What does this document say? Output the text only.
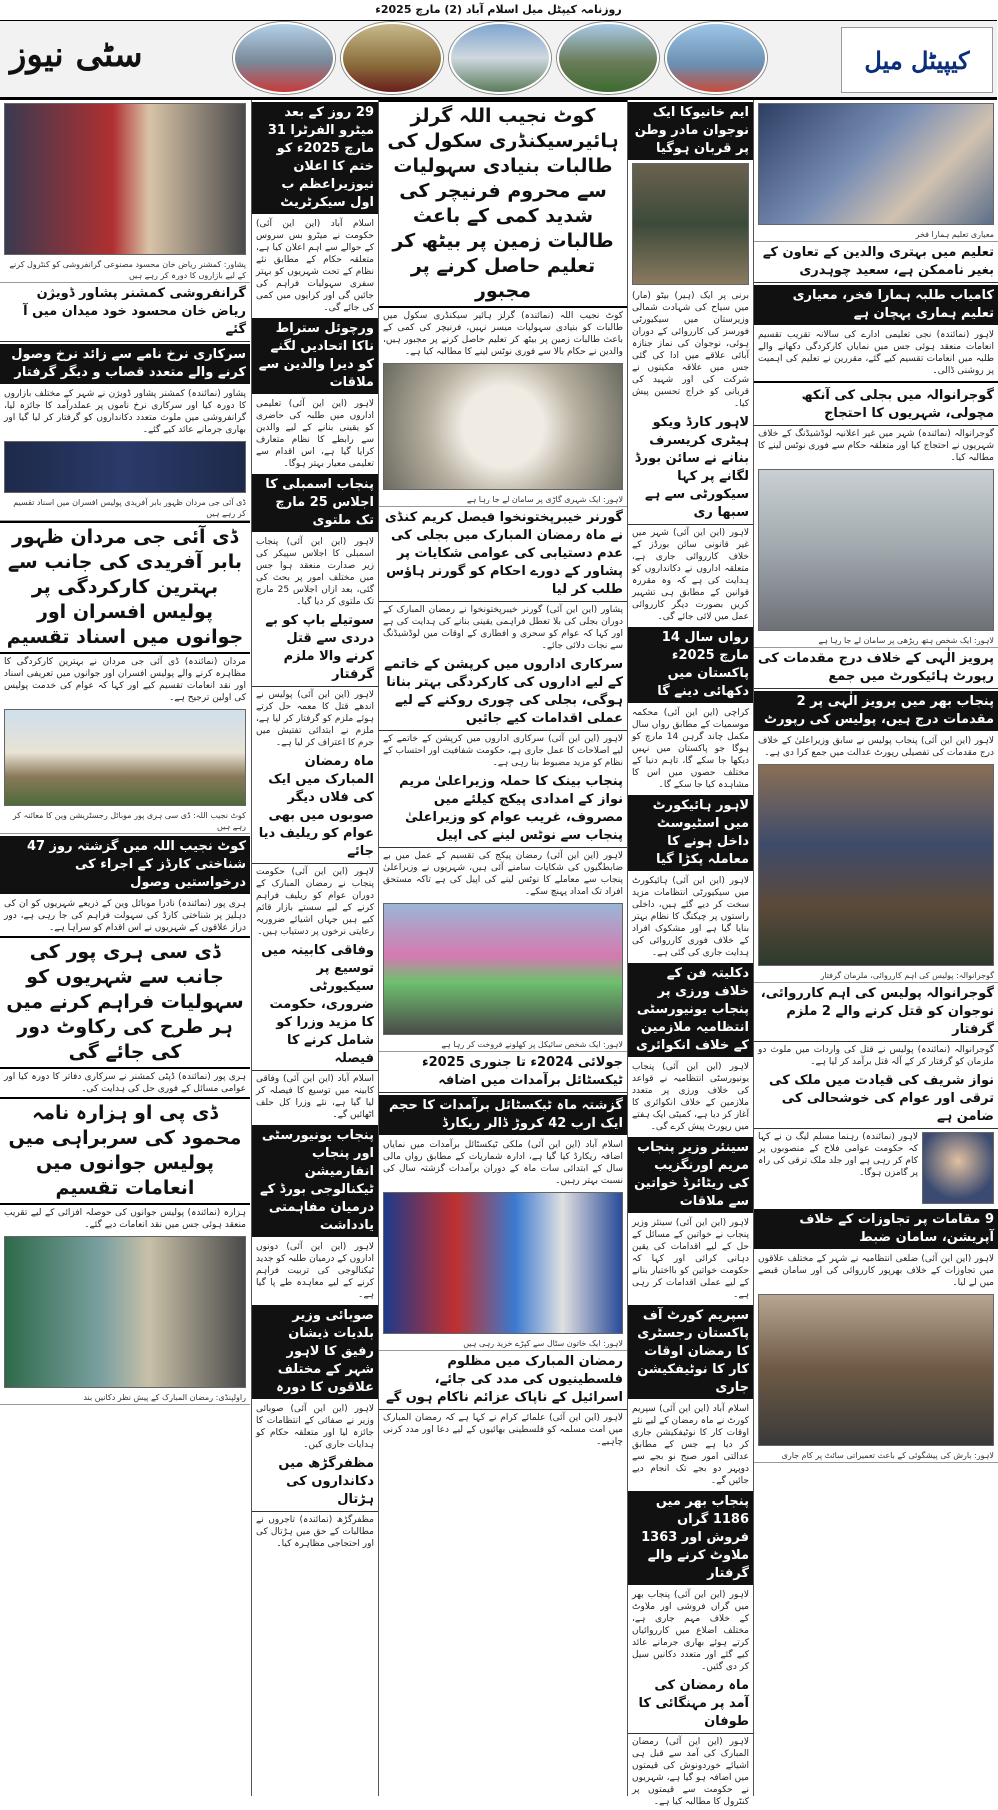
روزنامہ کیپٹل میل اسلام آباد (2) مارچ 2025ء
کیپیٹل میل
سٹی نیوز
معیاری تعلیم ہمارا فخر
تعلیم میں بہتری والدین کے تعاون کے بغیر ناممکن ہے، سعید چوہدری
کامیاب طلبہ ہمارا فخر، معیاری تعلیم ہماری پہچان ہے
لاہور (نمائندہ) نجی تعلیمی ادارے کی سالانہ تقریب تقسیم انعامات منعقد ہوئی جس میں نمایاں کارکردگی دکھانے والے طلبہ میں انعامات تقسیم کیے گئے، مقررین نے تعلیم کی اہمیت پر روشنی ڈالی۔
گوجرانوالہ میں بجلی کی آنکھ مچولی، شہریوں کا احتجاج
گوجرانوالہ (نمائندہ) شہر میں غیر اعلانیہ لوڈشیڈنگ کے خلاف شہریوں نے احتجاج کیا اور متعلقہ حکام سے فوری نوٹس لینے کا مطالبہ کیا۔
لاہور: ایک شخص ہتھ ریڑھی پر سامان لے جا رہا ہے
پرویز الٰہی کے خلاف درج مقدمات کی رپورٹ ہائیکورٹ میں جمع
پنجاب بھر میں پرویز الٰہی پر 2 مقدمات درج ہیں، پولیس کی رپورٹ
لاہور (این این آئی) پنجاب پولیس نے سابق وزیراعلیٰ کے خلاف درج مقدمات کی تفصیلی رپورٹ عدالت میں جمع کرا دی ہے۔
گوجرانوالہ: پولیس کی اہم کارروائی، ملزمان گرفتار
گوجرانوالہ پولیس کی اہم کارروائی، نوجوان کو قتل کرنے والے 2 ملزم گرفتار
گوجرانوالہ (نمائندہ) پولیس نے قتل کی واردات میں ملوث دو ملزمان کو گرفتار کر کے آلہ قتل برآمد کر لیا ہے۔
نواز شریف کی قیادت میں ملک کی ترقی اور عوام کی خوشحالی کی ضامن ہے
لاہور (نمائندہ) رہنما مسلم لیگ ن نے کہا کہ حکومت عوامی فلاح کے منصوبوں پر کام کر رہی ہے اور جلد ملک ترقی کی راہ پر گامزن ہوگا۔
9 مقامات پر تجاوزات کے خلاف آپریشن، سامان ضبط
لاہور (این این آئی) ضلعی انتظامیہ نے شہر کے مختلف علاقوں میں تجاوزات کے خلاف بھرپور کارروائی کی اور سامان قبضے میں لے لیا۔
لاہور: بارش کی پیشگوئی کے باعث تعمیراتی سائٹ پر کام جاری
ایم خانیوکا ایک نوجوان مادر وطن پر قربان ہوگیا
برنی پر ایک (ہیر) بیٹو (مار) میں سیاح کی شہادت شمالی وزیرستان میں سیکیورٹی فورسز کی کارروائی کے دوران ہوئی، نوجوان کی نماز جنازہ آبائی علاقے میں ادا کی گئی جس میں علاقہ مکینوں نے شرکت کی اور شہید کی قربانی کو خراج تحسین پیش کیا۔
لاہور کارڈ ویکو ہیٹری کریسرف بنانے نے سائن بورڈ لگانے پر کہا سیکورٹی سے ہے سبھا ری
لاہور (این این آئی) شہر میں غیر قانونی سائن بورڈز کے خلاف کارروائی جاری ہے، متعلقہ اداروں نے دکانداروں کو ہدایت کی ہے کہ وہ مقررہ قوانین کے مطابق ہی تشہیر کریں بصورت دیگر کارروائی عمل میں لائی جائے گی۔
رواں سال 14 مارچ 2025ء پاکستان میں دکھائی دینے گا
کراچی (این این آئی) محکمہ موسمیات کے مطابق رواں سال مکمل چاند گرہن 14 مارچ کو ہوگا جو پاکستان میں نہیں دیکھا جا سکے گا، تاہم دنیا کے مختلف حصوں میں اس کا مشاہدہ کیا جا سکے گا۔
لاہور ہائیکورٹ میں اسٹیوسٹ داخل ہونے کا معاملہ پکڑا گیا
لاہور (این این آئی) ہائیکورٹ میں سیکیورٹی انتظامات مزید سخت کر دیے گئے ہیں، داخلی راستوں پر چیکنگ کا نظام بہتر بنایا گیا ہے اور مشکوک افراد کے خلاف فوری کارروائی کی ہدایت جاری کی گئی ہے۔
دکلیتہ فن کے خلاف ورزی پر پنجاب یونیورسٹی انتظامیہ ملازمین کے خلاف انکوائری
لاہور (این این آئی) پنجاب یونیورسٹی انتظامیہ نے قواعد کی خلاف ورزی پر متعدد ملازمین کے خلاف انکوائری کا آغاز کر دیا ہے، کمیٹی ایک ہفتے میں رپورٹ پیش کرے گی۔
سینئر وزیر پنجاب مریم اورنگزیب کی ریٹائرڈ خواتین سے ملاقات
لاہور (این این آئی) سینئر وزیر پنجاب نے خواتین کے مسائل کے حل کے لیے اقدامات کی یقین دہانی کرائی اور کہا کہ حکومت خواتین کو بااختیار بنانے کے لیے عملی اقدامات کر رہی ہے۔
سپریم کورٹ آف پاکستان رجسٹری کا رمضان اوقات کار کا نوٹیفکیشن جاری
اسلام آباد (این این آئی) سپریم کورٹ نے ماہ رمضان کے لیے نئے اوقات کار کا نوٹیفکیشن جاری کر دیا ہے جس کے مطابق عدالتی امور صبح نو بجے سے دوپہر دو بجے تک انجام دیے جائیں گے۔
پنجاب بھر میں 1186 گراں فروش اور 1363 ملاوٹ کرنے والے گرفتار
لاہور (این این آئی) پنجاب بھر میں گراں فروشی اور ملاوٹ کے خلاف مہم جاری ہے، مختلف اضلاع میں کارروائیاں کرتے ہوئے بھاری جرمانے عائد کیے گئے اور متعدد دکانیں سیل کر دی گئیں۔
ماہ رمضان کی آمد پر مہنگائی کا طوفان
لاہور (این این آئی) رمضان المبارک کی آمد سے قبل ہی اشیائے خوردونوش کی قیمتوں میں اضافہ ہو گیا ہے، شہریوں نے حکومت سے قیمتوں پر کنٹرول کا مطالبہ کیا ہے۔
کوٹ نجیب اللہ گرلز ہائیرسیکنڈری سکول کی طالبات بنیادی سہولیات سے محروم فرنیچر کی شدید کمی کے باعث طالبات زمین پر بیٹھ کر تعلیم حاصل کرنے پر مجبور
کوٹ نجیب اللہ (نمائندہ) گرلز ہائیر سیکنڈری سکول میں طالبات کو بنیادی سہولیات میسر نہیں، فرنیچر کی کمی کے باعث طالبات زمین پر بیٹھ کر تعلیم حاصل کرنے پر مجبور ہیں، والدین نے حکام بالا سے فوری نوٹس لینے کا مطالبہ کیا ہے۔
لاہور: ایک شہری گاڑی پر سامان لے جا رہا ہے
گورنر خیبرپختونخوا فیصل کریم کنڈی نے ماہ رمضان المبارک میں بجلی کی عدم دستیابی کی عوامی شکایات پر پشاور کے دورے احکام کو گورنر ہاؤس طلب کر لیا
پشاور (این این آئی) گورنر خیبرپختونخوا نے رمضان المبارک کے دوران بجلی کی بلا تعطل فراہمی یقینی بنانے کی ہدایت کی ہے اور کہا کہ عوام کو سحری و افطاری کے اوقات میں لوڈشیڈنگ سے نجات دلائی جائے۔
سرکاری اداروں میں کرپشن کے خاتمے کے لیے اداروں کی کارکردگی بہتر بنانا ہوگی، بجلی کی چوری روکنے کے لیے عملی اقدامات کیے جائیں
لاہور (این این آئی) سرکاری اداروں میں کرپشن کے خاتمے کے لیے اصلاحات کا عمل جاری ہے، حکومت شفافیت اور احتساب کے نظام کو مزید مضبوط بنا رہی ہے۔
پنجاب بینک کا حملہ وزیراعلیٰ مریم نواز کے امدادی پیکج کیلئے میں مصروف، غریب عوام کو وزیراعلیٰ پنجاب سے نوٹس لینے کی اپیل
لاہور (این این آئی) رمضان پیکج کی تقسیم کے عمل میں بے ضابطگیوں کی شکایات سامنے آئی ہیں، شہریوں نے وزیراعلیٰ پنجاب سے معاملے کا نوٹس لینے کی اپیل کی ہے تاکہ مستحق افراد تک امداد پہنچ سکے۔
لاہور: ایک شخص سائیکل پر کھلونے فروخت کر رہا ہے
جولائی 2024ء تا جنوری 2025ء ٹیکسٹائل برآمدات میں اضافہ
گزشتہ ماہ ٹیکسٹائل برآمدات کا حجم ایک ارب 42 کروڑ ڈالر ریکارڈ
اسلام آباد (این این آئی) ملکی ٹیکسٹائل برآمدات میں نمایاں اضافہ ریکارڈ کیا گیا ہے، ادارہ شماریات کے مطابق رواں مالی سال کے ابتدائی سات ماہ کے دوران برآمدات گزشتہ سال کی نسبت بہتر رہیں۔
لاہور: ایک خاتون سٹال سے کپڑے خرید رہی ہیں
رمضان المبارک میں مظلوم فلسطینیوں کی مدد کی جائے، اسرائیل کے ناپاک عزائم ناکام ہوں گے
لاہور (این این آئی) علمائے کرام نے کہا ہے کہ رمضان المبارک میں امت مسلمہ کو فلسطینی بھائیوں کے لیے دعا اور مدد کرنی چاہیے۔
29 روز کے بعد میٹرو الفرٹرا 31 مارچ 2025ء کو ختم کا اعلان نیوزیراعظم ب اول سیکرٹریٹ
اسلام آباد (این این آئی) حکومت نے میٹرو بس سروس کے حوالے سے اہم اعلان کیا ہے، متعلقہ حکام کے مطابق نئے نظام کے تحت شہریوں کو بہتر سفری سہولیات فراہم کی جائیں گی اور کرایوں میں کمی کی جائے گی۔
ورچوئل ستراط ناکا اتحادیں لگنے کو دیرا والدین سے ملاقات
لاہور (این این آئی) تعلیمی اداروں میں طلبہ کی حاضری کو یقینی بنانے کے لیے والدین سے رابطے کا نظام متعارف کرایا گیا ہے، اس اقدام سے تعلیمی معیار بہتر ہوگا۔
پنجاب اسمبلی کا اجلاس 25 مارچ تک ملتوی
لاہور (این این آئی) پنجاب اسمبلی کا اجلاس سپیکر کی زیر صدارت منعقد ہوا جس میں مختلف امور پر بحث کی گئی، بعد ازاں اجلاس 25 مارچ تک ملتوی کر دیا گیا۔
سوتیلے باپ کو بے دردی سے قتل کرنے والا ملزم گرفتار
لاہور (این این آئی) پولیس نے اندھے قتل کا معمہ حل کرتے ہوئے ملزم کو گرفتار کر لیا ہے، ملزم نے ابتدائی تفتیش میں جرم کا اعتراف کر لیا ہے۔
ماہ رمضان المبارک میں ایک کی فلاں دیگر صوبوں میں بھی عوام کو ریلیف دیا جائے
لاہور (این این آئی) حکومت پنجاب نے رمضان المبارک کے دوران عوام کو ریلیف فراہم کرنے کے لیے سستے بازار قائم کیے ہیں جہاں اشیائے ضروریہ رعایتی نرخوں پر دستیاب ہیں۔
وفاقی کابینہ میں توسیع پر سیکیورٹی ضروری، حکومت کا مزید وزرا کو شامل کرنے کا فیصلہ
اسلام آباد (این این آئی) وفاقی کابینہ میں توسیع کا فیصلہ کر لیا گیا ہے، نئے وزرا کل حلف اٹھائیں گے۔
پنجاب یونیورسٹی اور پنجاب انفارمیشن ٹیکنالوجی بورڈ کے درمیان مفاہمتی یادداشت
لاہور (این این آئی) دونوں اداروں کے درمیان طلبہ کو جدید ٹیکنالوجی کی تربیت فراہم کرنے کے لیے معاہدہ طے پا گیا ہے۔
صوبائی وزیر بلدیات ذیشان رفیق کا لاہور شہر کے مختلف علاقوں کا دورہ
لاہور (این این آئی) صوبائی وزیر نے صفائی کے انتظامات کا جائزہ لیا اور متعلقہ حکام کو ہدایات جاری کیں۔
مظفرگڑھ میں دکانداروں کی ہڑتال
مظفرگڑھ (نمائندہ) تاجروں نے مطالبات کے حق میں ہڑتال کی اور احتجاجی مظاہرہ کیا۔
پشاور: کمشنر ریاض خان محسود مصنوعی گرانفروشی کو کنٹرول کرنے کے لیے بازاروں کا دورہ کر رہے ہیں
گرانفروشی کمشنر پشاور ڈویژن ریاض خان محسود خود میدان میں آ گئے
سرکاری نرخ نامے سے زائد نرخ وصول کرنے والے متعدد قصاب و دیگر گرفتار
پشاور (نمائندہ) کمشنر پشاور ڈویژن نے شہر کے مختلف بازاروں کا دورہ کیا اور سرکاری نرخ ناموں پر عملدرآمد کا جائزہ لیا، گرانفروشی میں ملوث متعدد دکانداروں کو گرفتار کر لیا گیا اور بھاری جرمانے عائد کیے گئے۔
ڈی آئی جی مردان ظہور بابر آفریدی پولیس افسران میں اسناد تقسیم کر رہے ہیں
ڈی آئی جی مردان ظہور بابر آفریدی کی جانب سے بہترین کارکردگی پر پولیس افسران اور جوانوں میں اسناد تقسیم
مردان (نمائندہ) ڈی آئی جی مردان نے بہترین کارکردگی کا مظاہرہ کرنے والے پولیس افسران اور جوانوں میں تعریفی اسناد اور نقد انعامات تقسیم کیے اور کہا کہ عوام کی خدمت پولیس کی اولین ترجیح ہے۔
کوٹ نجیب اللہ: ڈی سی ہری پور موبائل رجسٹریشن وین کا معائنہ کر رہے ہیں
کوٹ نجیب اللہ میں گزشتہ روز 47 شناختی کارڈز کے اجراء کی درخواستیں وصول
ہری پور (نمائندہ) نادرا موبائل وین کے ذریعے شہریوں کو ان کی دہلیز پر شناختی کارڈ کی سہولت فراہم کی جا رہی ہے، دور دراز علاقوں کے شہریوں نے اس اقدام کو سراہا ہے۔
ڈی سی ہری پور کی جانب سے شہریوں کو سہولیات فراہم کرنے میں ہر طرح کی رکاوٹ دور کی جائے گی
ہری پور (نمائندہ) ڈپٹی کمشنر نے سرکاری دفاتر کا دورہ کیا اور عوامی مسائل کے فوری حل کی ہدایت کی۔
ڈی پی او ہزارہ نامہ محمود کی سربراہی میں پولیس جوانوں میں انعامات تقسیم
ہزارہ (نمائندہ) پولیس جوانوں کی حوصلہ افزائی کے لیے تقریب منعقد ہوئی جس میں نقد انعامات دیے گئے۔
راولپنڈی: رمضان المبارک کے پیش نظر دکانیں بند
